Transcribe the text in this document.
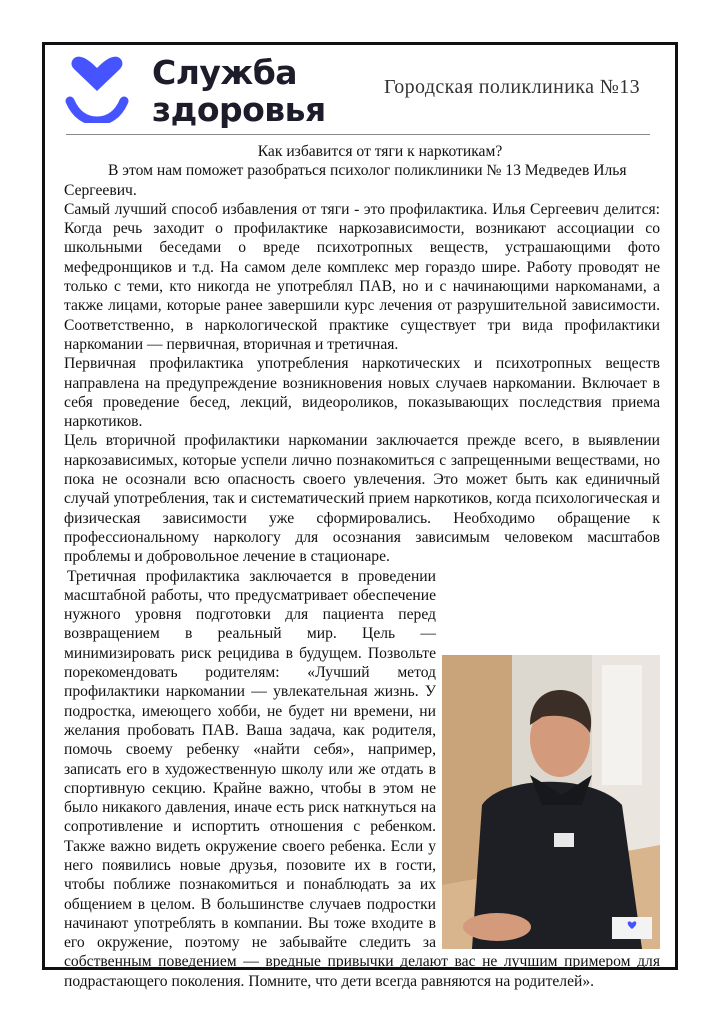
Служба
здоровья
Городская поликлиника №13

Как избавится от тяги к наркотикам?

В этом нам поможет разобраться психолог поликлиники № 13 Медведев Илья Сергеевич.

Самый лучший способ избавления от тяги - это профилактика. Илья Сергеевич делится: Когда речь заходит о профилактике наркозависимости, возникают ассоциации со школьными беседами о вреде психотропных веществ, устрашающими фото мефедронщиков и т.д. На самом деле комплекс мер гораздо шире. Работу проводят не только с теми, кто никогда не употреблял ПАВ, но и с начинающими наркоманами, а также лицами, которые ранее завершили курс лечения от разрушительной зависимости. Соответственно, в наркологической практике существует три вида профилактики наркомании — первичная, вторичная и третичная.

Первичная профилактика употребления наркотических и психотропных веществ направлена на предупреждение возникновения новых случаев наркомании. Включает в себя проведение бесед, лекций, видеороликов, показывающих последствия приема наркотиков.

Цель вторичной профилактики наркомании заключается прежде всего, в выявлении наркозависимых, которые успели лично познакомиться с запрещенными веществами, но пока не осознали всю опасность своего увлечения. Это может быть как единичный случай употребления, так и систематический прием наркотиков, когда психологическая и физическая зависимости уже сформировались. Необходимо обращение к профессиональному наркологу для осознания зависимым человеком масштабов проблемы и добровольное лечение в стационаре.

Третичная профилактика заключается в проведении масштабной работы, что предусматривает обеспечение нужного уровня подготовки для пациента перед возвращением в реальный мир. Цель — минимизировать риск рецидива в будущем. Позвольте порекомендовать родителям: «Лучший метод профилактики наркомании — увлекательная жизнь. У подростка, имеющего хобби, не будет ни времени, ни желания пробовать ПАВ. Ваша задача, как родителя, помочь своему ребенку «найти себя», например, записать его в художественную школу или же отдать в спортивную секцию. Крайне важно, чтобы в этом не было никакого давления, иначе есть риск наткнуться на сопротивление и испортить отношения с ребенком. Также важно видеть окружение своего ребенка. Если у него появились новые друзья, позовите их в гости, чтобы поближе познакомиться и понаблюдать за их общением в целом. В большинстве случаев подростки начинают употреблять в компании. Вы тоже входите в его окружение, поэтому не забывайте следить за собственным поведением — вредные привычки делают вас не лучшим примером для подрастающего поколения. Помните, что дети всегда равняются на родителей».
